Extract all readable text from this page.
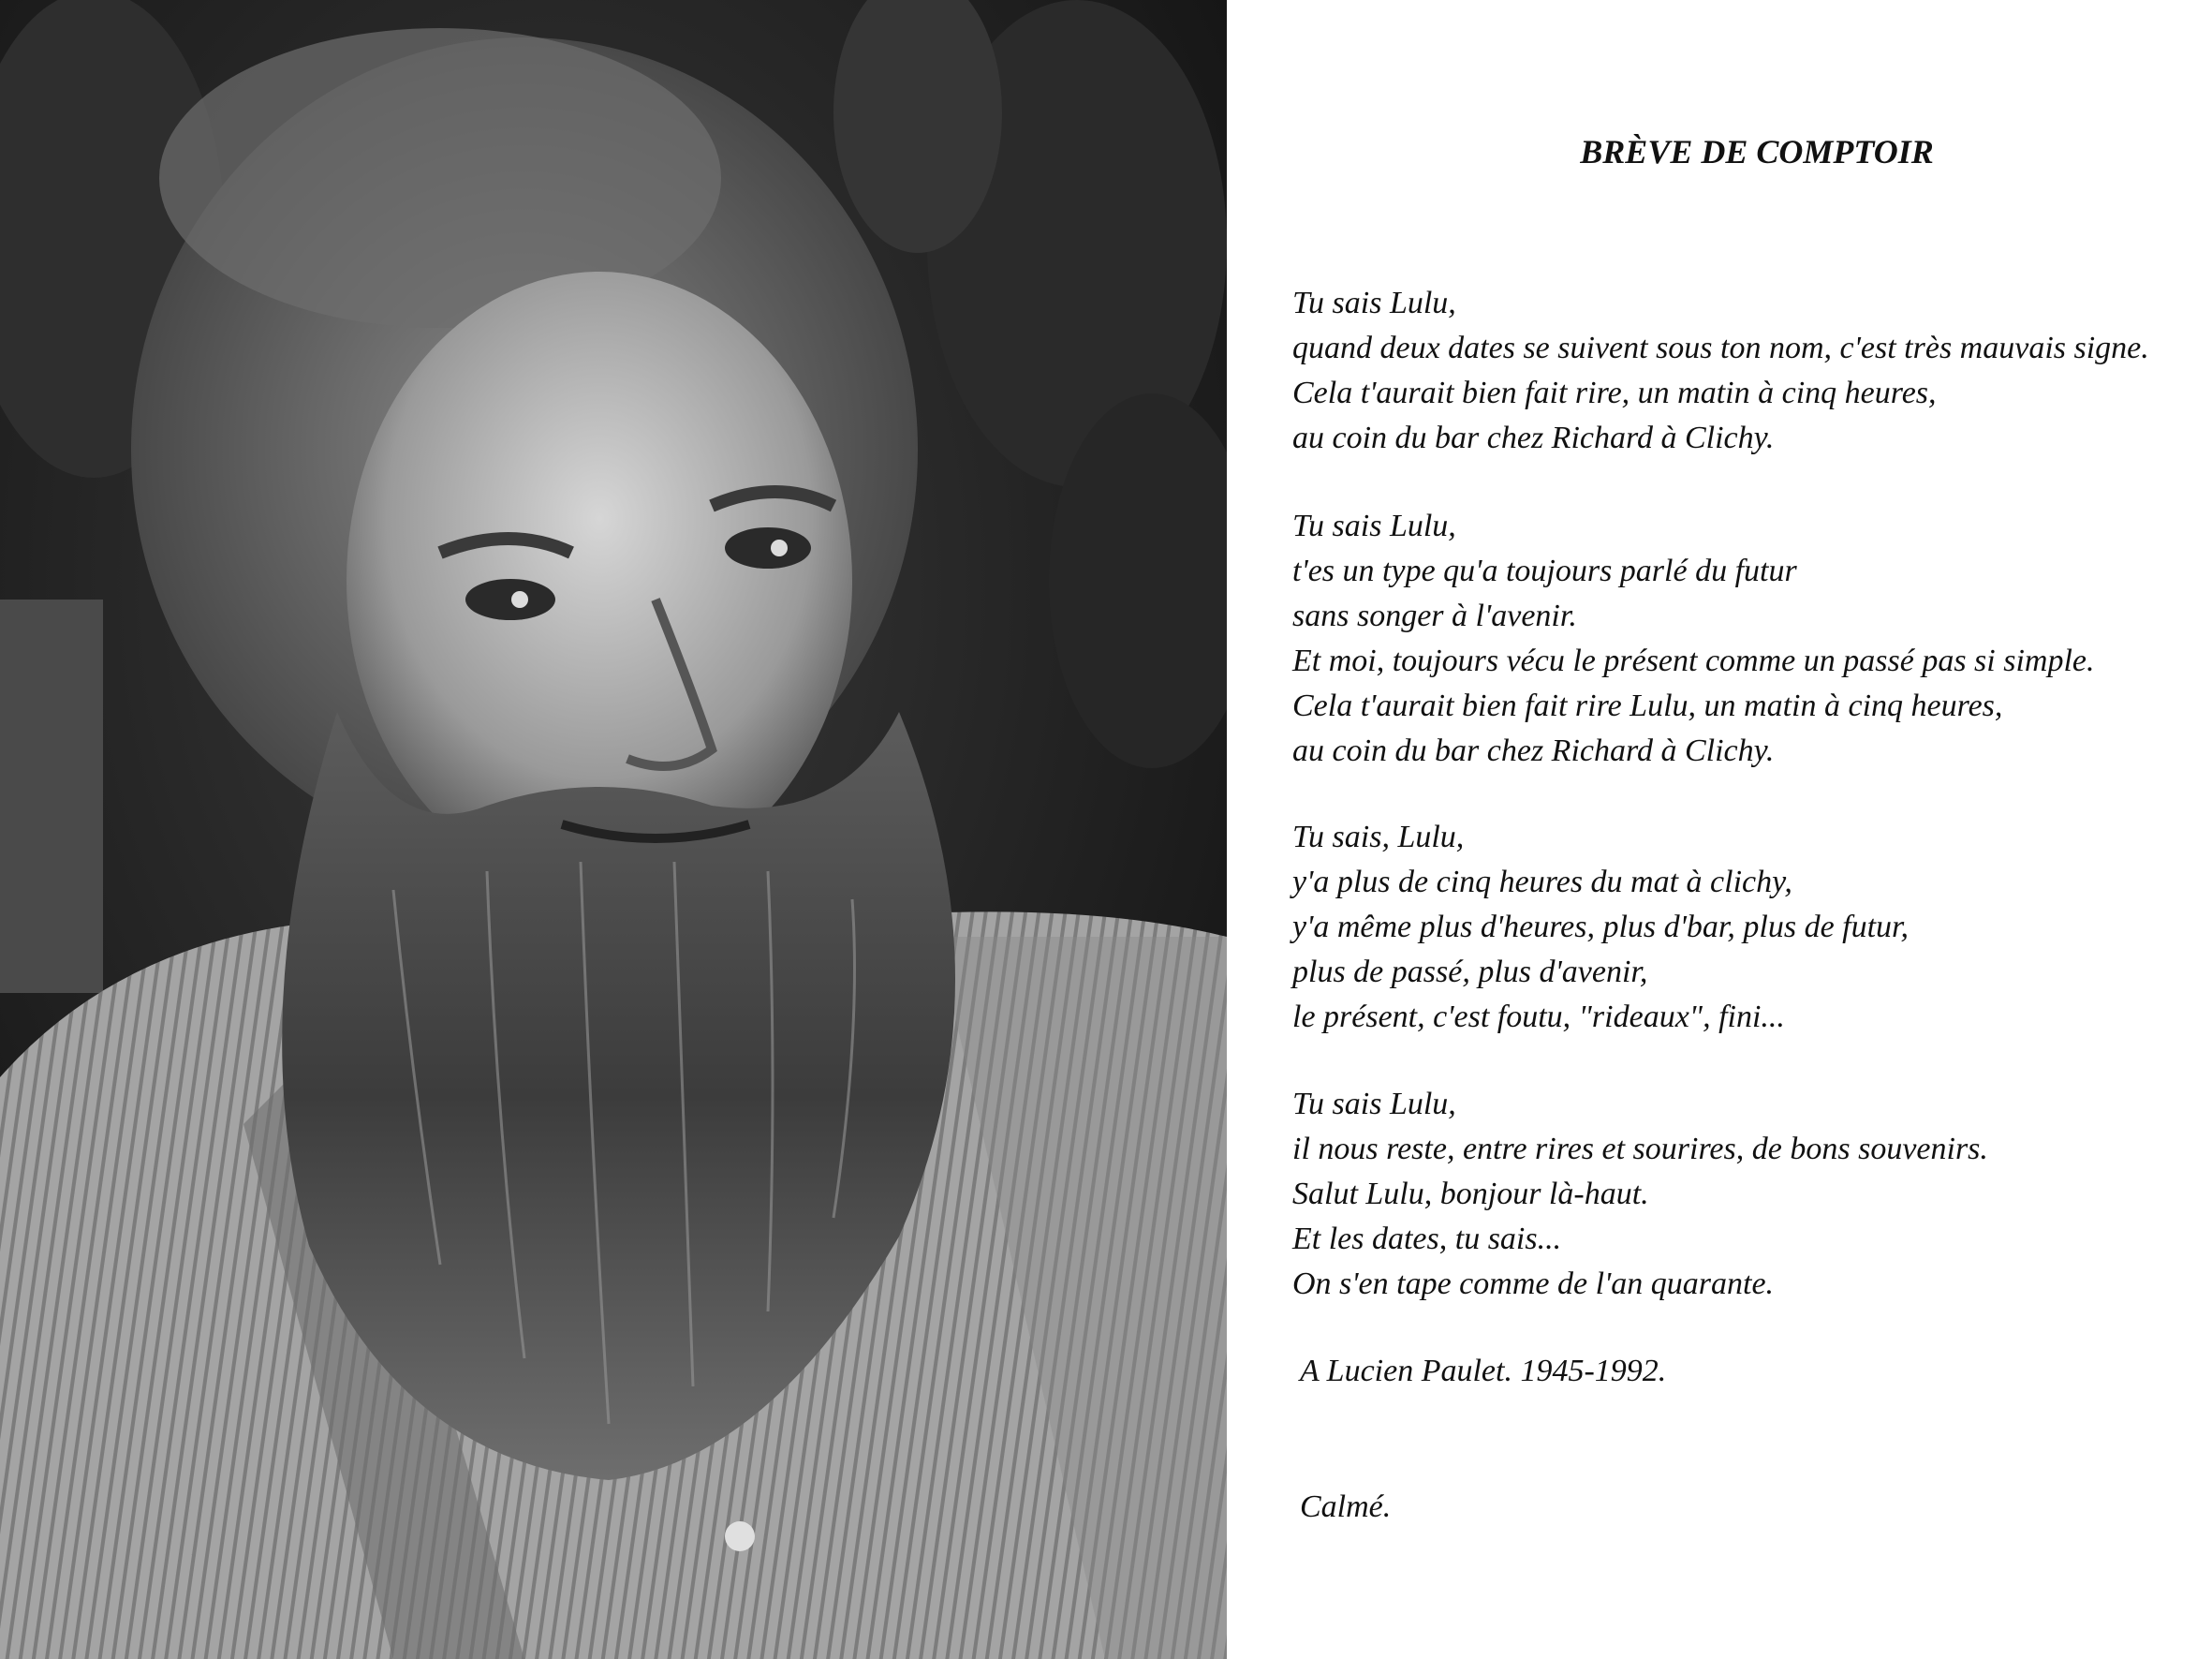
BRÈVE DE COMPTOIR
Tu sais Lulu,
quand deux dates se suivent sous ton nom, c'est très mauvais signe.
Cela t'aurait bien fait rire, un matin à cinq heures,
au coin du bar chez Richard à Clichy.
Tu sais Lulu,
t'es un type qu'a toujours parlé du futur
sans songer à l'avenir.
Et moi, toujours vécu le présent comme un passé pas si simple.
Cela t'aurait bien fait rire Lulu, un matin à cinq heures,
au coin du bar chez Richard à Clichy.
Tu sais, Lulu,
y'a plus de cinq heures du mat à clichy,
y'a même plus d'heures, plus d'bar, plus de futur,
plus de passé, plus d'avenir,
le présent, c'est foutu, "rideaux", fini...
Tu sais Lulu,
il nous reste, entre rires et sourires, de bons souvenirs.
Salut Lulu, bonjour là-haut.
Et les dates, tu sais...
On s'en tape comme de l'an quarante.
A Lucien Paulet. 1945-1992.
Calmé.
